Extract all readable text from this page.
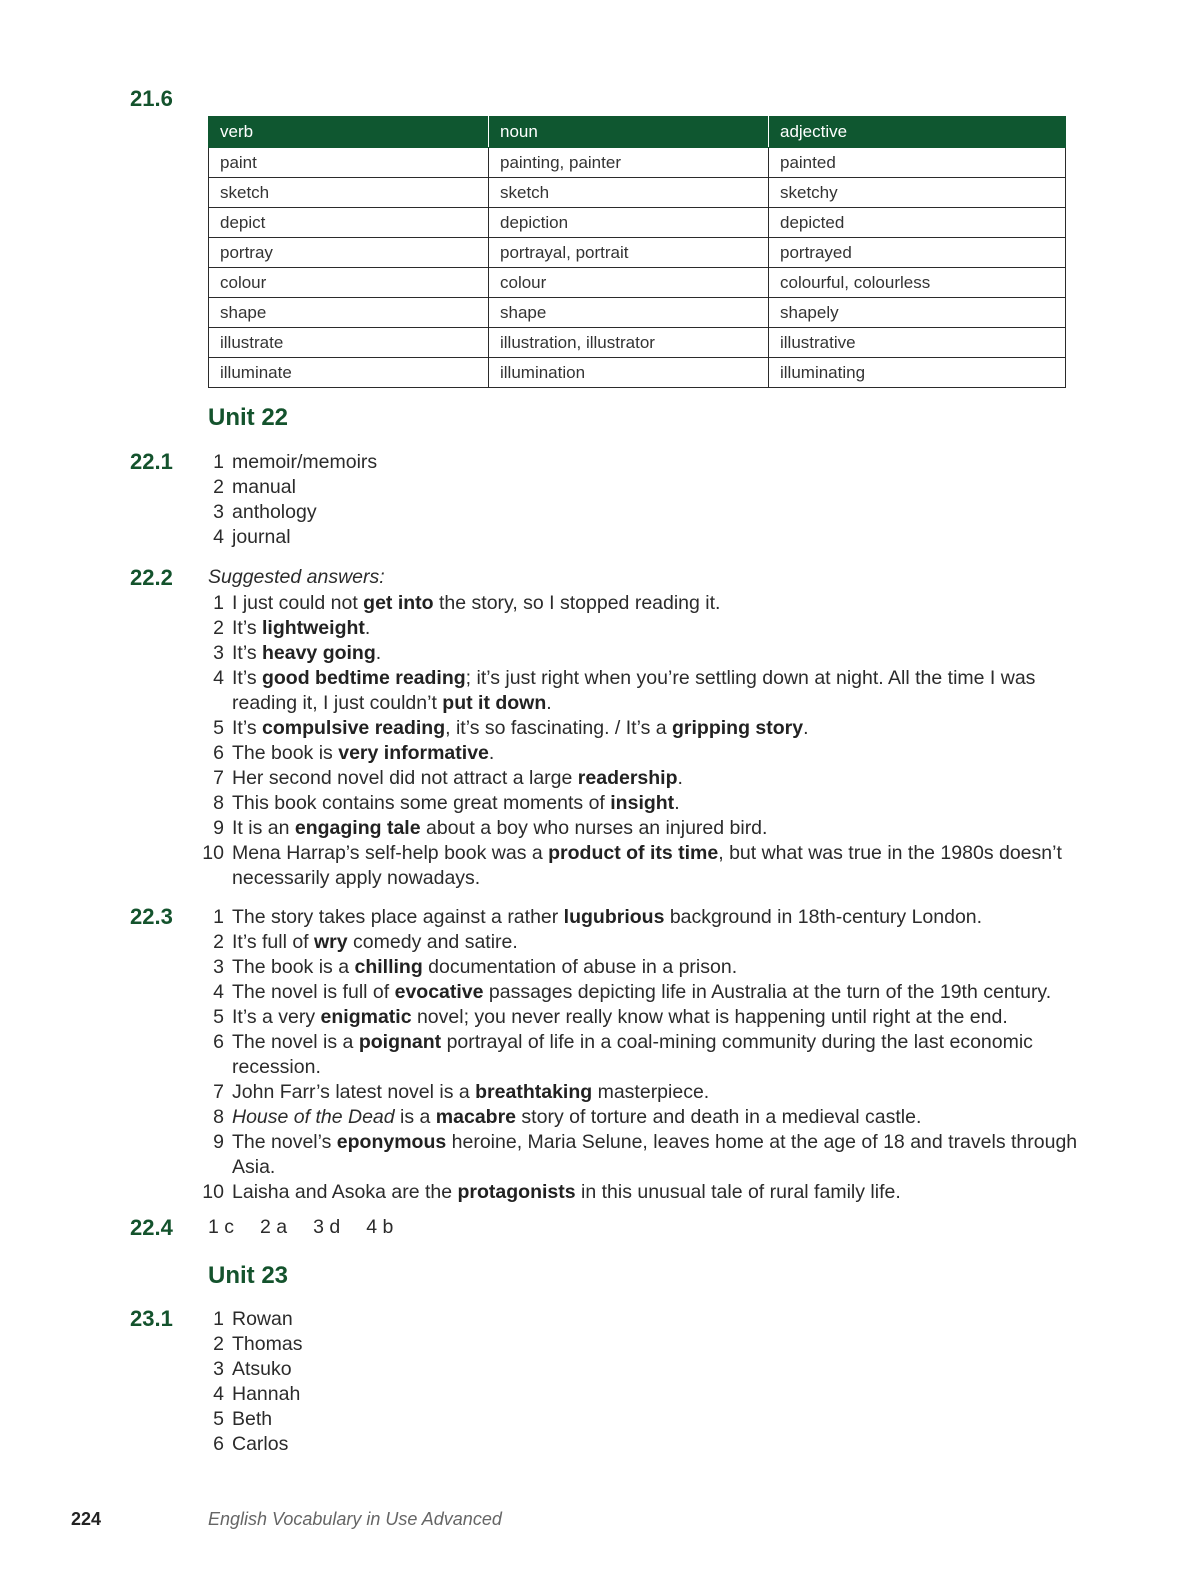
21.6
verb	noun	adjective
paint	painting, painter	painted
sketch	sketch	sketchy
depict	depiction	depicted
portray	portrayal, portrait	portrayed
colour	colour	colourful, colourless
shape	shape	shapely
illustrate	illustration, illustrator	illustrative
illuminate	illumination	illuminating
Unit 22
22.1 1 memoir/memoirs
2 manual
3 anthology
4 journal
22.2 Suggested answers:
1 I just could not get into the story, so I stopped reading it.
2 It’s lightweight.
3 It’s heavy going.
4 It’s good bedtime reading; it’s just right when you’re settling down at night. All the time I was reading it, I just couldn’t put it down.
5 It’s compulsive reading, it’s so fascinating. / It’s a gripping story.
6 The book is very informative.
7 Her second novel did not attract a large readership.
8 This book contains some great moments of insight.
9 It is an engaging tale about a boy who nurses an injured bird.
10 Mena Harrap’s self-help book was a product of its time, but what was true in the 1980s doesn’t necessarily apply nowadays.
22.3 1 The story takes place against a rather lugubrious background in 18th-century London.
2 It’s full of wry comedy and satire.
3 The book is a chilling documentation of abuse in a prison.
4 The novel is full of evocative passages depicting life in Australia at the turn of the 19th century.
5 It’s a very enigmatic novel; you never really know what is happening until right at the end.
6 The novel is a poignant portrayal of life in a coal-mining community during the last economic recession.
7 John Farr’s latest novel is a breathtaking masterpiece.
8 House of the Dead is a macabre story of torture and death in a medieval castle.
9 The novel’s eponymous heroine, Maria Selune, leaves home at the age of 18 and travels through Asia.
10 Laisha and Asoka are the protagonists in this unusual tale of rural family life.
22.4 1 c 2 a 3 d 4 b
Unit 23
23.1 1 Rowan
2 Thomas
3 Atsuko
4 Hannah
5 Beth
6 Carlos
224	English Vocabulary in Use Advanced
